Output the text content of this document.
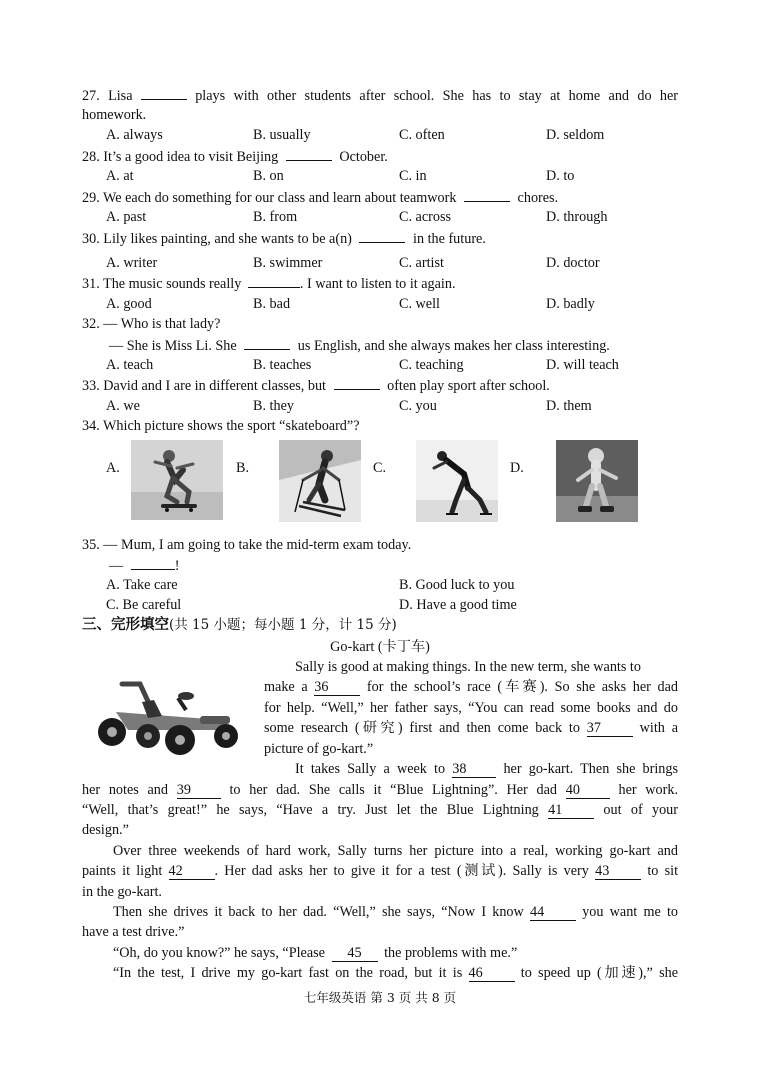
27. Lisa	plays with other students after school. She has to stay at home and do her
homework.
A. always	B. usually	C. often	D. seldom
28. It’s a good idea to visit Beijing	October.
A. at	B. on	C. in	D. to
29. We each do something for our class and learn about teamwork	chores.
A. past	B. from	C. across	D. through
30. Lily likes painting, and she wants to be a(n)	in the future.
A. writer	B. swimmer	C. artist	D. doctor
31. The music sounds really	. I want to listen to it again.
A. good	B. bad	C. well	D. badly
32. — Who is that lady?
— She is Miss Li. She	us English, and she always makes her class interesting.
A. teach	B. teaches	C. teaching	D. will teach
33. David and I are in different classes, but	often play sport after school.
A. we	B. they	C. you	D. them
34. Which picture shows the sport “skateboard”?
A.	B.	C.	D.
35. — Mum, I am going to take the mid-term exam today.
—	!
A. Take care	B. Good luck to you
C. Be careful	D. Have a good time
三、完形填空(共 15 小题；每小题 1 分，计 15 分)
Go-kart (卡丁车)
Sally is good at making things. In the new term, she wants to
make a 36	for the school’s race (车赛). So she asks her dad
for help. “Well,” her father says, “You can read some books and do
some research (研究) first and then come back to 37	with a
picture of go-kart.”
It takes Sally a week to 38	her go-kart. Then she brings
her notes and 39	to her dad. She calls it “Blue Lightning”. Her dad 40	her work.
“Well, that’s great!” he says, “Have a try. Just let the Blue Lightning 41	out of your
design.”
Over three weekends of hard work, Sally turns her picture into a real, working go-kart and
paints it light 42 . Her dad asks her to give it for a test (测试). Sally is very 43	to sit
in the go-kart.
Then she drives it back to her dad. “Well,” she says, “Now I know 44	you want me to
have a test drive.”
“Oh, do you know?” he says, “Please 45 the problems with me.”
“In the test, I drive my go-kart fast on the road, but it is 46	to speed up (加速),” she
七年级英语 第 3 页 共 8 页
